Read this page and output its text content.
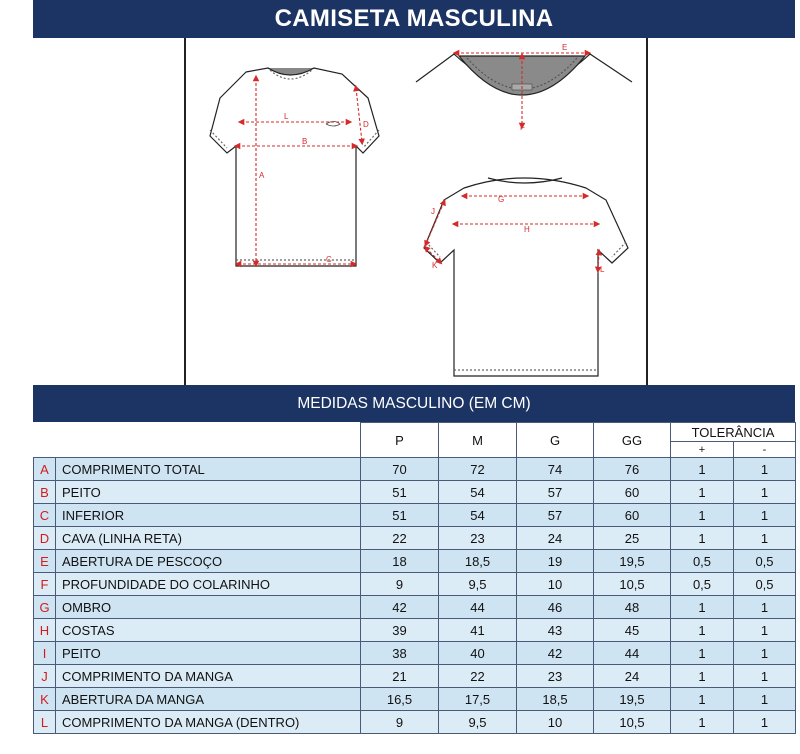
CAMISETA MASCULINA
L
D
B
A
C
E
F
G
J
H
K	L
MEDIDAS MASCULINO (EM CM)
		P	M	G	GG	TOLERÂNCIA	
						+	-
A	COMPRIMENTO TOTAL	70	72	74	76	1	1
B	PEITO	51	54	57	60	1	1
C	INFERIOR	51	54	57	60	1	1
D	CAVA (LINHA RETA)	22	23	24	25	1	1
E	ABERTURA DE PESCOÇO	18	18,5	19	19,5	0,5	0,5
F	PROFUNDIDADE DO COLARINHO	9	9,5	10	10,5	0,5	0,5
G	OMBRO	42	44	46	48	1	1
H	COSTAS	39	41	43	45	1	1
I	PEITO	38	40	42	44	1	1
J	COMPRIMENTO DA MANGA	21	22	23	24	1	1
K	ABERTURA DA MANGA	16,5	17,5	18,5	19,5	1	1
L	COMPRIMENTO DA MANGA (DENTRO)	9	9,5	10	10,5	1	1
